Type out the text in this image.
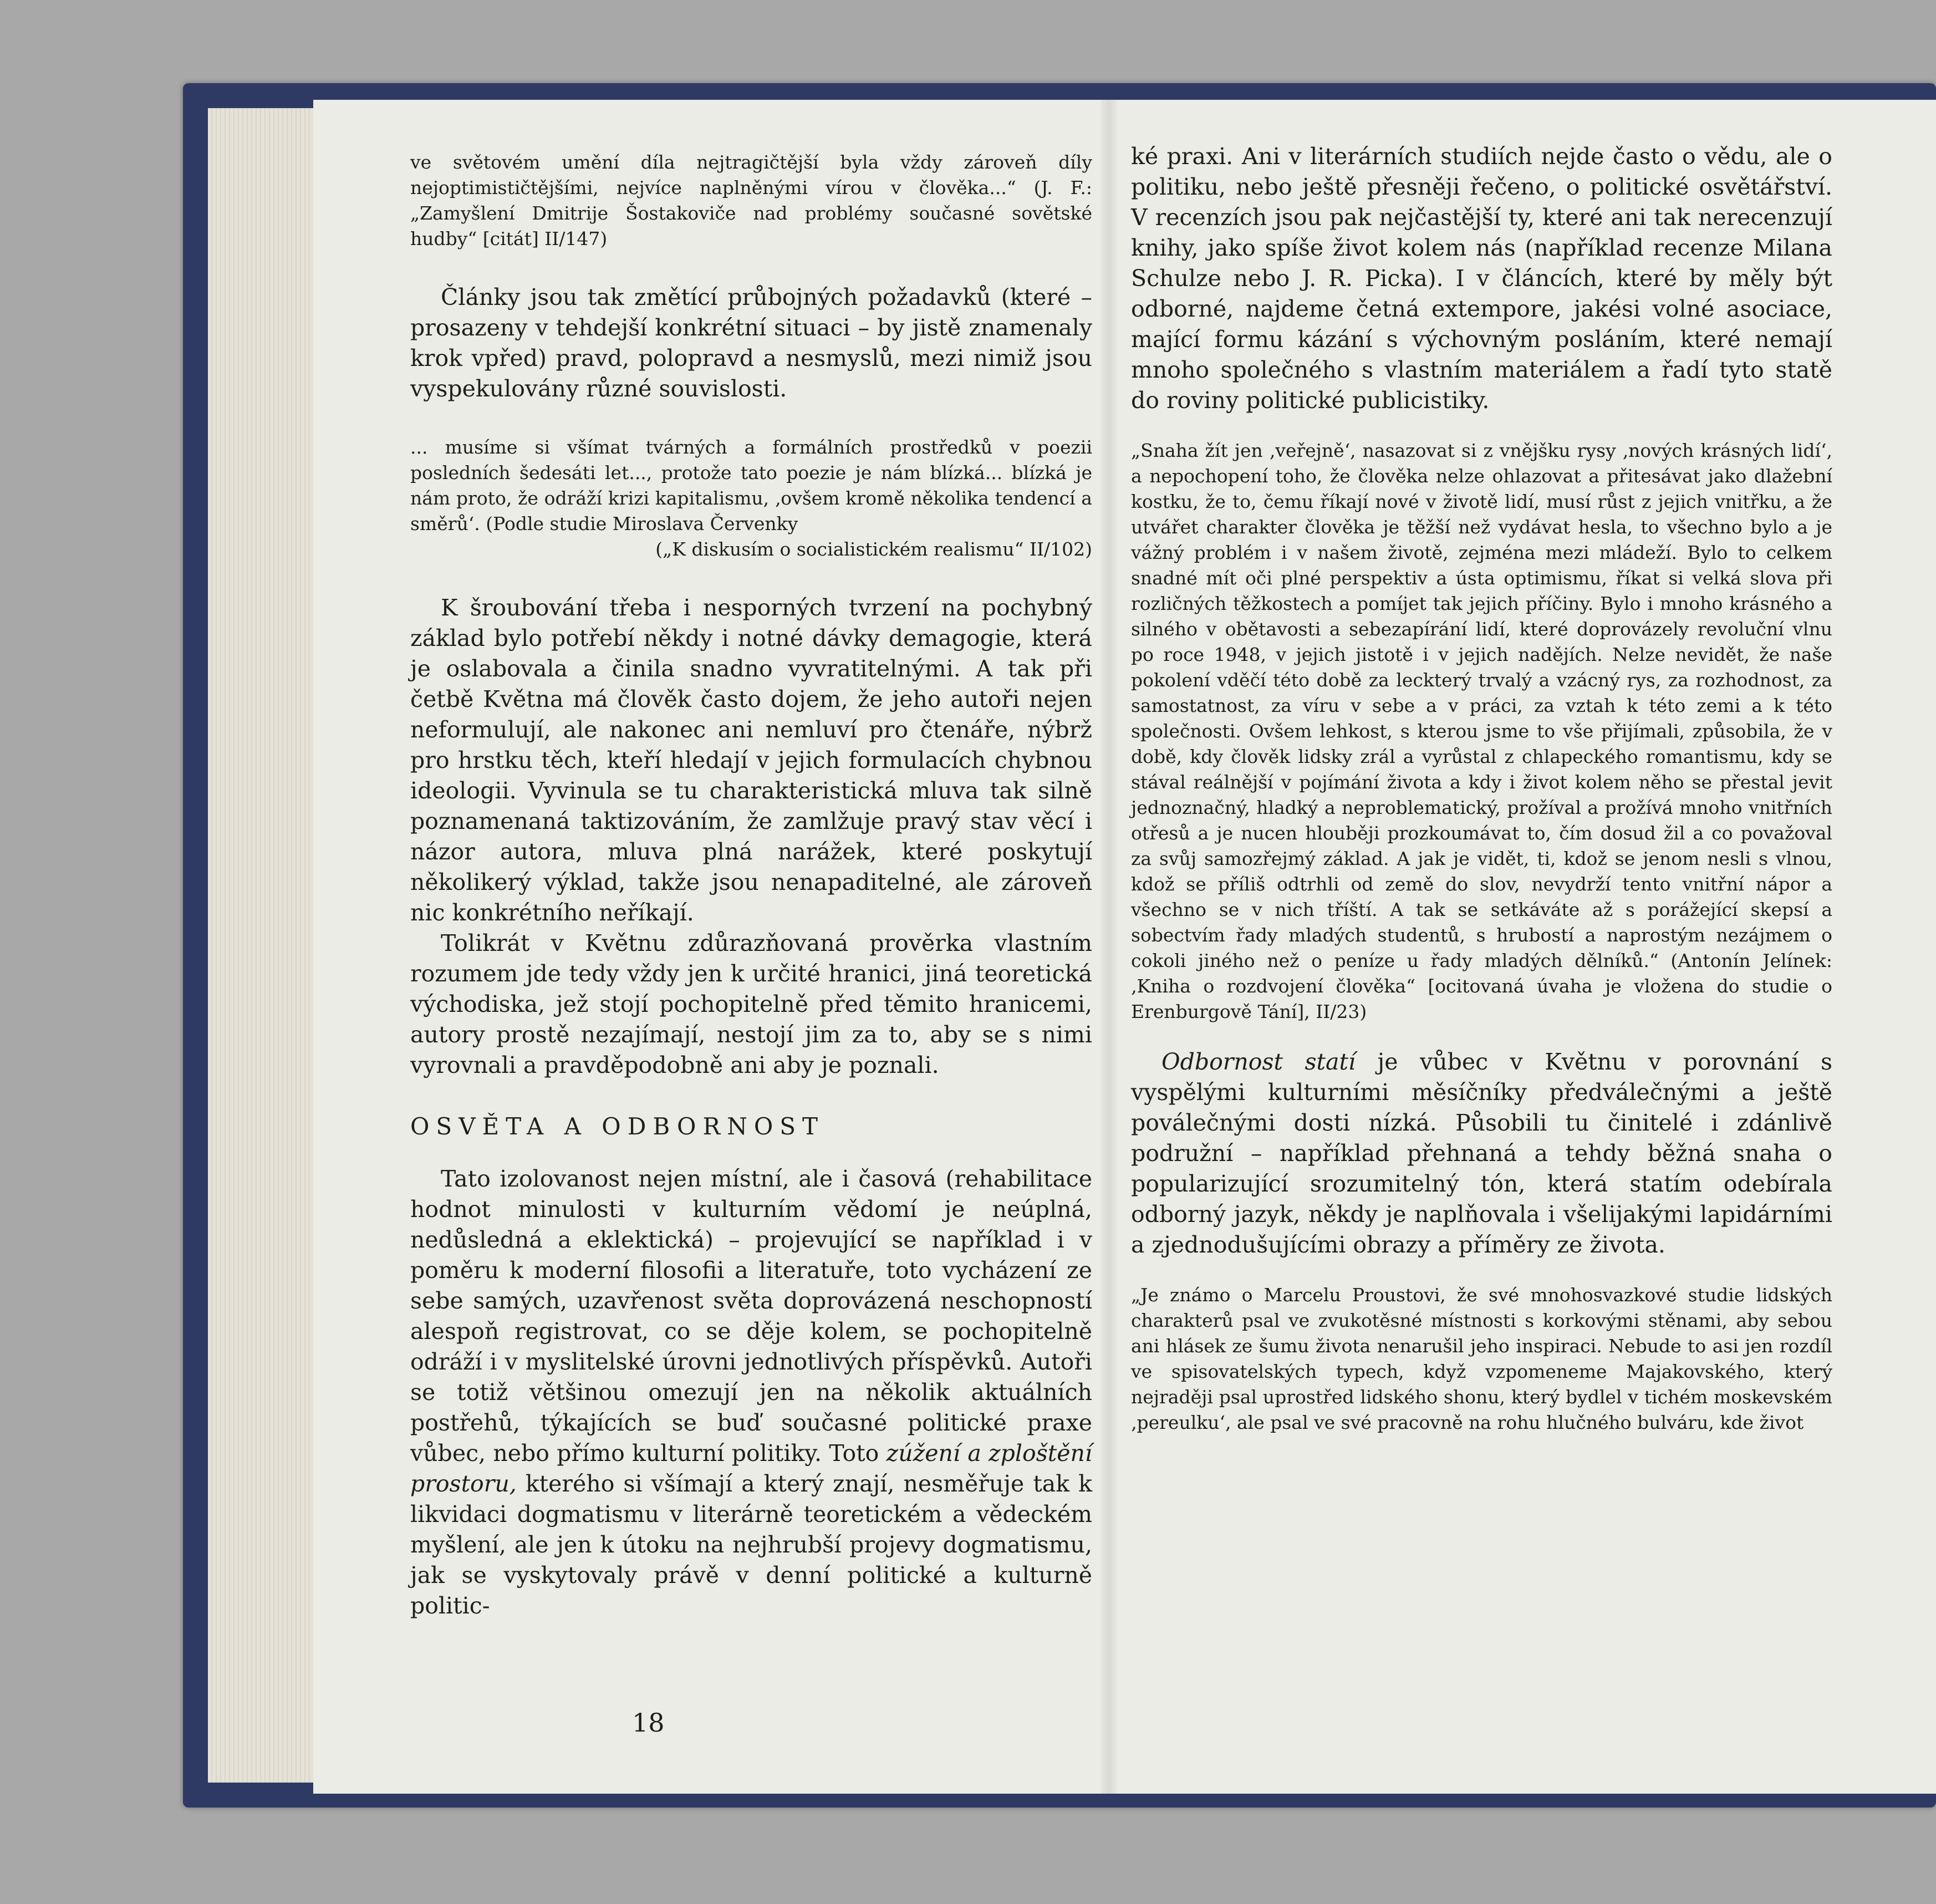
ve světovém umění díla nejtragičtější byla vždy zároveň díly nejoptimističtějšími, nejvíce naplněnými vírou v člověka...“ (J. F.: „Zamyšlení Dmitrije Šostakoviče nad problémy současné sovětské hudby“ [citát] II/147)

Články jsou tak změtící průbojných požadavků (které – prosazeny v tehdejší konkrétní situaci – by jistě znamenaly krok vpřed) pravd, polopravd a nesmyslů, mezi nimiž jsou vyspekulovány různé souvislosti.

... musíme si všímat tvárných a formálních prostředků v poezii posledních šedesáti let..., protože tato poezie je nám blízká... blízká je nám proto, že odráží krizi kapitalismu, ‚ovšem kromě několika tendencí a směrů‘. (Podle studie Miroslava Červenky

(„K diskusím o socialistickém realismu“ II/102)

K šroubování třeba i nesporných tvrzení na pochybný základ bylo potřebí někdy i notné dávky demagogie, která je oslabovala a činila snadno vyvratitelnými. A tak při četbě Května má člověk často dojem, že jeho autoři nejen neformulují, ale nakonec ani nemluví pro čtenáře, nýbrž pro hrstku těch, kteří hledají v jejich formulacích chybnou ideologii. Vyvinula se tu charakteristická mluva tak silně poznamenaná taktizováním, že zamlžuje pravý stav věcí i názor autora, mluva plná narážek, které poskytují několikerý výklad, takže jsou nenapaditelné, ale zároveň nic konkrétního neříkají.

Tolikrát v Květnu zdůrazňovaná prověrka vlastním rozumem jde tedy vždy jen k určité hranici, jiná teoretická východiska, jež stojí pochopitelně před těmito hranicemi, autory prostě nezajímají, nestojí jim za to, aby se s nimi vyrovnali a pravděpodobně ani aby je poznali.

OSVĚTA A ODBORNOST

Tato izolovanost nejen místní, ale i časová (rehabilitace hodnot minulosti v kulturním vědomí je neúplná, nedůsledná a eklektická) – projevující se například i v poměru k moderní filosofii a literatuře, toto vycházení ze sebe samých, uzavřenost světa doprovázená neschopností alespoň registrovat, co se děje kolem, se pochopitelně odráží i v myslitelské úrovni jednotlivých příspěvků. Autoři se totiž většinou omezují jen na několik aktuálních postřehů, týkajících se buď současné politické praxe vůbec, nebo přímo kulturní politiky. Toto zúžení a zploštění prostoru, kterého si všímají a který znají, nesměřuje tak k likvidaci dogmatismu v literárně teoretickém a vědeckém myšlení, ale jen k útoku na nejhrubší projevy dogmatismu, jak se vyskytovaly právě v denní politické a kulturně politic-

18

ké praxi. Ani v literárních studiích nejde často o vědu, ale o politiku, nebo ještě přesněji řečeno, o politické osvětářství. V recenzích jsou pak nejčastější ty, které ani tak nerecenzují knihy, jako spíše život kolem nás (například recenze Milana Schulze nebo J. R. Picka). I v článcích, které by měly být odborné, najdeme četná extempore, jakési volné asociace, mající formu kázání s výchovným posláním, které nemají mnoho společného s vlastním materiálem a řadí tyto statě do roviny politické publicistiky.

„Snaha žít jen ‚veřejně‘, nasazovat si z vnějšku rysy ‚nových krásných lidí‘, a nepochopení toho, že člověka nelze ohlazovat a přitesávat jako dlažební kostku, že to, čemu říkají nové v životě lidí, musí růst z jejich vnitřku, a že utvářet charakter člověka je těžší než vydávat hesla, to všechno bylo a je vážný problém i v našem životě, zejména mezi mládeží. Bylo to celkem snadné mít oči plné perspektiv a ústa optimismu, říkat si velká slova při rozličných těžkostech a pomíjet tak jejich příčiny. Bylo i mnoho krásného a silného v obětavosti a sebezapírání lidí, které doprovázely revoluční vlnu po roce 1948, v jejich jistotě i v jejich nadějích. Nelze nevidět, že naše pokolení vděčí této době za leckterý trvalý a vzácný rys, za rozhodnost, za samostatnost, za víru v sebe a v práci, za vztah k této zemi a k této společnosti. Ovšem lehkost, s kterou jsme to vše přijímali, způsobila, že v době, kdy člověk lidsky zrál a vyrůstal z chlapeckého romantismu, kdy se stával reálnější v pojímání života a kdy i život kolem něho se přestal jevit jednoznačný, hladký a neproblematický, prožíval a prožívá mnoho vnitřních otřesů a je nucen hlouběji prozkoumávat to, čím dosud žil a co považoval za svůj samozřejmý základ. A jak je vidět, ti, kdož se jenom nesli s vlnou, kdož se příliš odtrhli od země do slov, nevydrží tento vnitřní nápor a všechno se v nich tříští. A tak se setkáváte až s porážející skepsí a sobectvím řady mladých studentů, s hrubostí a naprostým nezájmem o cokoli jiného než o peníze u řady mladých dělníků.“ (Antonín Jelínek: ‚Kniha o rozdvojení člověka“ [ocitovaná úvaha je vložena do studie o Erenburgově Tání], II/23)

Odbornost statí je vůbec v Květnu v porovnání s vyspělými kulturními měsíčníky předválečnými a ještě poválečnými dosti nízká. Působili tu činitelé i zdánlivě podružní – například přehnaná a tehdy běžná snaha o popularizující srozumitelný tón, která statím odebírala odborný jazyk, někdy je naplňovala i všelijakými lapidárními a zjednodušujícími obrazy a příměry ze života.

„Je známo o Marcelu Proustovi, že své mnohosvazkové studie lidských charakterů psal ve zvukotěsné místnosti s korkovými stěnami, aby sebou ani hlásek ze šumu života nenarušil jeho inspiraci. Nebude to asi jen rozdíl ve spisovatelských typech, když vzpomeneme Majakovského, který nejraději psal uprostřed lidského shonu, který bydlel v tichém moskevském ‚pereulku‘, ale psal ve své pracovně na rohu hlučného bulváru, kde život
